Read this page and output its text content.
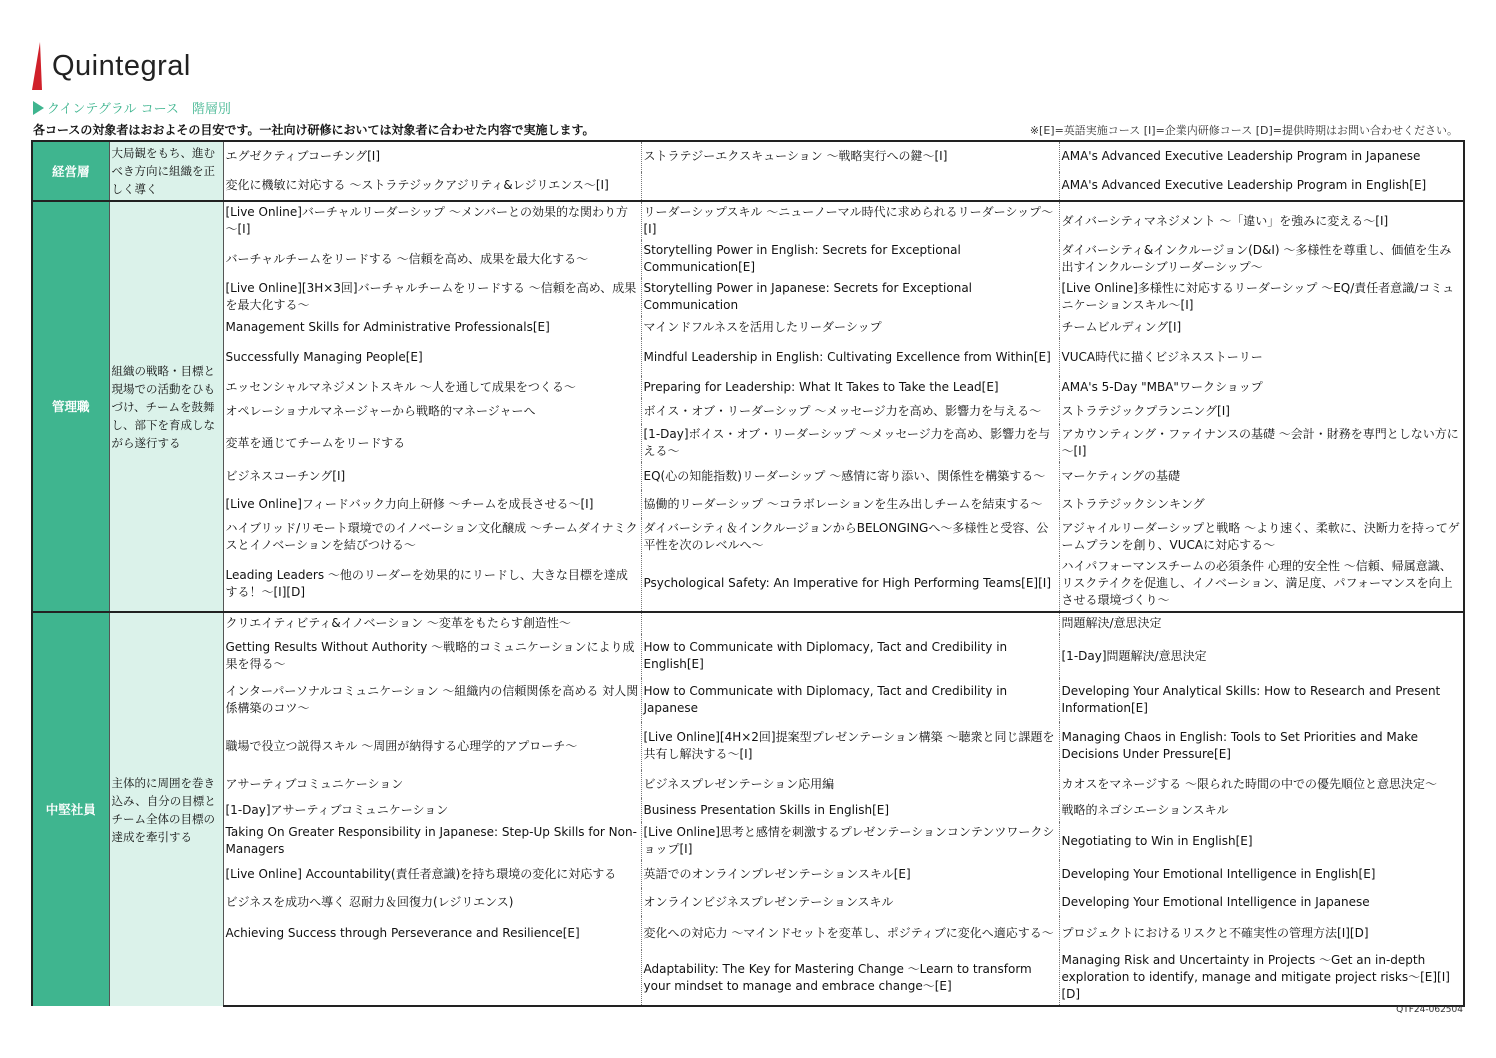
Quintegral
クインテグラル コース　階層別
各コースの対象者はおおよその目安です。一社向け研修においては対象者に合わせた内容で実施します。	※[E]=英語実施コース [I]=企業内研修コース [D]=提供時期はお問い合わせください。
経営層	大局観をもち、進むべき方向に組織を正しく導く	エグゼクティブコーチング[I]	ストラテジーエクスキューション ～戦略実行への鍵～[I]	AMA's Advanced Executive Leadership Program in Japanese
		変化に機敏に対応する ～ストラテジックアジリティ&レジリエンス～[I]		AMA's Advanced Executive Leadership Program in English[E]
管理職	組織の戦略・目標と現場での活動をひもづけ、チームを鼓舞し、部下を育成しながら遂行する	[Live Online]バーチャルリーダーシップ ～メンバーとの効果的な関わり方～[I]	リーダーシップスキル ～ニューノーマル時代に求められるリーダーシップ～[I]	ダイバーシティマネジメント ～「違い」を強みに変える～[I]
		バーチャルチームをリードする ～信頼を高め、成果を最大化する～	Storytelling Power in English: Secrets for Exceptional Communication[E]	ダイバーシティ&インクルージョン(D&I) ～多様性を尊重し、価値を生み出すインクルーシブリーダーシップ～
		[Live Online][3H×3回]バーチャルチームをリードする ～信頼を高め、成果を最大化する～	Storytelling Power in Japanese: Secrets for Exceptional Communication	[Live Online]多様性に対応するリーダーシップ ～EQ/責任者意識/コミュニケーションスキル～[I]
		Management Skills for Administrative Professionals[E]	マインドフルネスを活用したリーダーシップ	チームビルディング[I]
		Successfully Managing People[E]	Mindful Leadership in English: Cultivating Excellence from Within[E]	VUCA時代に描くビジネスストーリー
		エッセンシャルマネジメントスキル ～人を通して成果をつくる～	Preparing for Leadership: What It Takes to Take the Lead[E]	AMA's 5-Day "MBA"ワークショップ
		オペレーショナルマネージャーから戦略的マネージャーへ	ボイス・オブ・リーダーシップ ～メッセージ力を高め、影響力を与える～	ストラテジックプランニング[I]
		変革を通じてチームをリードする	[1-Day]ボイス・オブ・リーダーシップ ～メッセージ力を高め、影響力を与える～	アカウンティング・ファイナンスの基礎 ～会計・財務を専門としない方に～[I]
		ビジネスコーチング[I]	EQ(心の知能指数)リーダーシップ ～感情に寄り添い、関係性を構築する～	マーケティングの基礎
		[Live Online]フィードバック力向上研修 ～チームを成長させる～[I]	協働的リーダーシップ ～コラボレーションを生み出しチームを結束する～	ストラテジックシンキング
		ハイブリッド/リモート環境でのイノベーション文化醸成 ～チームダイナミクスとイノベーションを結びつける～	ダイバーシティ＆インクルージョンからBELONGINGへ～多様性と受容、公平性を次のレベルへ～	アジャイルリーダーシップと戦略 ～より速く、柔軟に、決断力を持ってゲームプランを創り、VUCAに対応する～
		Leading Leaders ～他のリーダーを効果的にリードし、大きな目標を達成する！～[I][D]	Psychological Safety: An Imperative for High Performing Teams[E][I]	ハイパフォーマンスチームの必須条件 心理的安全性 ～信頼、帰属意識、リスクテイクを促進し、イノベーション、満足度、パフォーマンスを向上させる環境づくり～
中堅社員	主体的に周囲を巻き込み、自分の目標とチーム全体の目標の達成を牽引する	クリエイティビティ&イノベーション ～変革をもたらす創造性～		問題解決/意思決定
		Getting Results Without Authority ～戦略的コミュニケーションにより成果を得る～	How to Communicate with Diplomacy, Tact and Credibility in English[E]	[1-Day]問題解決/意思決定
		インターパーソナルコミュニケーション ～組織内の信頼関係を高める 対人関係構築のコツ～	How to Communicate with Diplomacy, Tact and Credibility in Japanese	Developing Your Analytical Skills: How to Research and Present Information[E]
		職場で役立つ説得スキル ～周囲が納得する心理学的アプローチ～	[Live Online][4H×2回]提案型プレゼンテーション構築 ～聴衆と同じ課題を共有し解決する～[I]	Managing Chaos in English: Tools to Set Priorities and Make Decisions Under Pressure[E]
		アサーティブコミュニケーション	ビジネスプレゼンテーション応用編	カオスをマネージする ～限られた時間の中での優先順位と意思決定～
		[1-Day]アサーティブコミュニケーション	Business Presentation Skills in English[E]	戦略的ネゴシエーションスキル
		Taking On Greater Responsibility in Japanese: Step-Up Skills for Non-Managers	[Live Online]思考と感情を刺激するプレゼンテーションコンテンツワークショップ[I]	Negotiating to Win in English[E]
		[Live Online] Accountability(責任者意識)を持ち環境の変化に対応する	英語でのオンラインプレゼンテーションスキル[E]	Developing Your Emotional Intelligence in English[E]
		ビジネスを成功へ導く 忍耐力＆回復力(レジリエンス)	オンラインビジネスプレゼンテーションスキル	Developing Your Emotional Intelligence in Japanese
		Achieving Success through Perseverance and Resilience[E]	変化への対応力 ～マインドセットを変革し、ポジティブに変化へ適応する～	プロジェクトにおけるリスクと不確実性の管理方法[I][D]
			Adaptability: The Key for Mastering Change ～Learn to transform your mindset to manage and embrace change～[E]	Managing Risk and Uncertainty in Projects ～Get an in-depth exploration to identify, manage and mitigate project risks～[E][I][D]
QTF24-062504
